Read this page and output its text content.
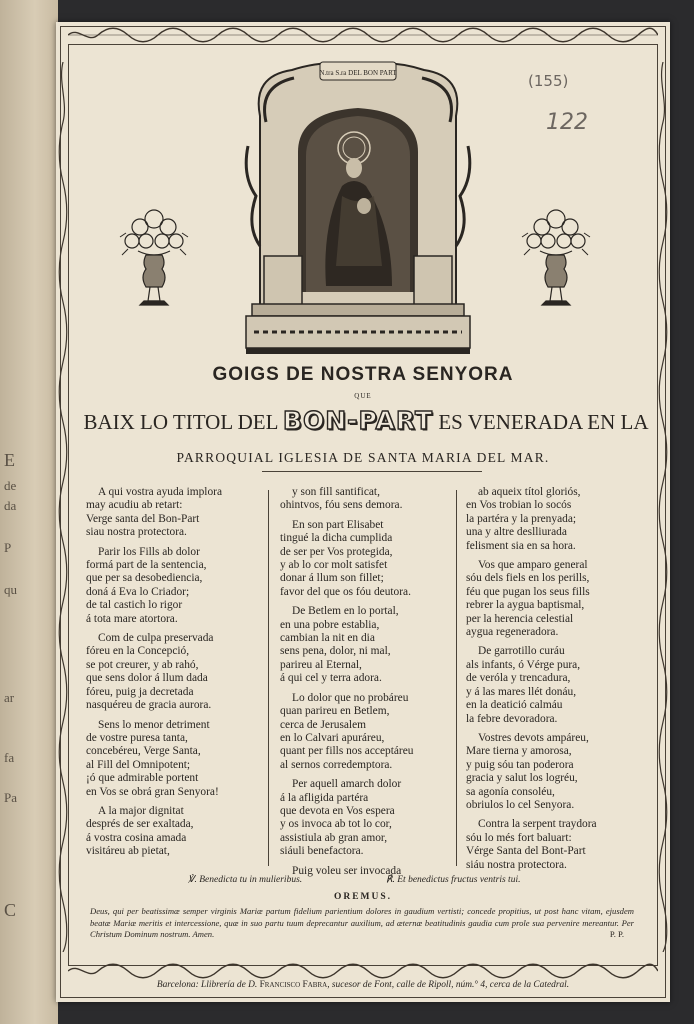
E
de
da
P
qu
ar
fa
Pa
C
(155)
122
N.tra S.ra DEL BON PART
GOIGS DE NOSTRA SENYORA
QUE
BAIX LO TITOL DEL BON-PART ES VENERADA EN LA
PARROQUIAL IGLESIA DE SANTA MARIA DEL MAR.
A qui vostra ayuda implora
may acudiu ab retart:
Verge santa del Bon-Part
siau nostra protectora.
Parir los Fills ab dolor
formá part de la sentencia,
que per sa desobediencia,
doná á Eva lo Criador;
de tal castich lo rigor
á tota mare atortora.
Com de culpa preservada
fóreu en la Concepció,
se pot creurer, y ab rahó,
que sens dolor á llum dada
fóreu, puig ja decretada
nasquéreu de gracia aurora.
Sens lo menor detriment
de vostre puresa tanta,
concebéreu, Verge Santa,
al Fill del Omnipotent;
¡ó que admirable portent
en Vos se obrá gran Senyora!
A la major dignitat
després de ser exaltada,
á vostra cosina amada
visitáreu ab pietat,
y son fill santificat,
ohintvos, fóu sens demora.
En son part Elisabet
tingué la dicha cumplida
de ser per Vos protegida,
y ab lo cor molt satisfet
donar á llum son fillet;
favor del que os fóu deutora.
De Betlem en lo portal,
en una pobre establia,
cambian la nit en dia
sens pena, dolor, ni mal,
parireu al Eternal,
á qui cel y terra adora.
Lo dolor que no probáreu
quan parireu en Betlem,
cerca de Jerusalem
en lo Calvari apuráreu,
quant per fills nos acceptáreu
al sernos corredemptora.
Per aquell amarch dolor
á la afligida partéra
que devota en Vos espera
y os invoca ab tot lo cor,
assistiula ab gran amor,
siáuli benefactora.
Puig voleu ser invocada
ab aqueix títol gloriós,
en Vos trobian lo socós
la partéra y la prenyada;
una y altre deslliurada
felisment sia en sa hora.
Vos que amparo general
sóu dels fiels en los perills,
féu que pugan los seus fills
rebrer la aygua baptismal,
per la herencia celestial
aygua regeneradora.
De garrotillo curáu
als infants, ó Vérge pura,
de veróla y trencadura,
y á las mares llét donáu,
en la deatició calmáu
la febre devoradora.
Vostres devots ampáreu,
Mare tierna y amorosa,
y puig sóu tan poderora
gracia y salut los logréu,
sa agonía consoléu,
obriulos lo cel Senyora.
Contra la serpent traydora
sóu lo més fort baluart:
Vérge Santa del Bont-Part
siáu nostra protectora.
℣. Benedicta tu in mulieribus.	℟. Et benedictus fructus ventris tui.
OREMUS.
Deus, qui per beatissimæ semper virginis Mariæ partum fidelium parientium dolores in gaudium vertisti; concede propitius, ut post hanc vitam, ejusdem beatæ Mariæ meritis et intercessione, quæ in suo partu tuum deprecantur auxilium, ad æternæ beatitudinis gaudia cum prole sua pervenire mereantur. Per Christum Dominum nostrum. Amen.	P. P.
Barcelona: Llibrería de D. Francisco Fabra, sucesor de Font, calle de Ripoll, núm.° 4, cerca de la Catedral.
